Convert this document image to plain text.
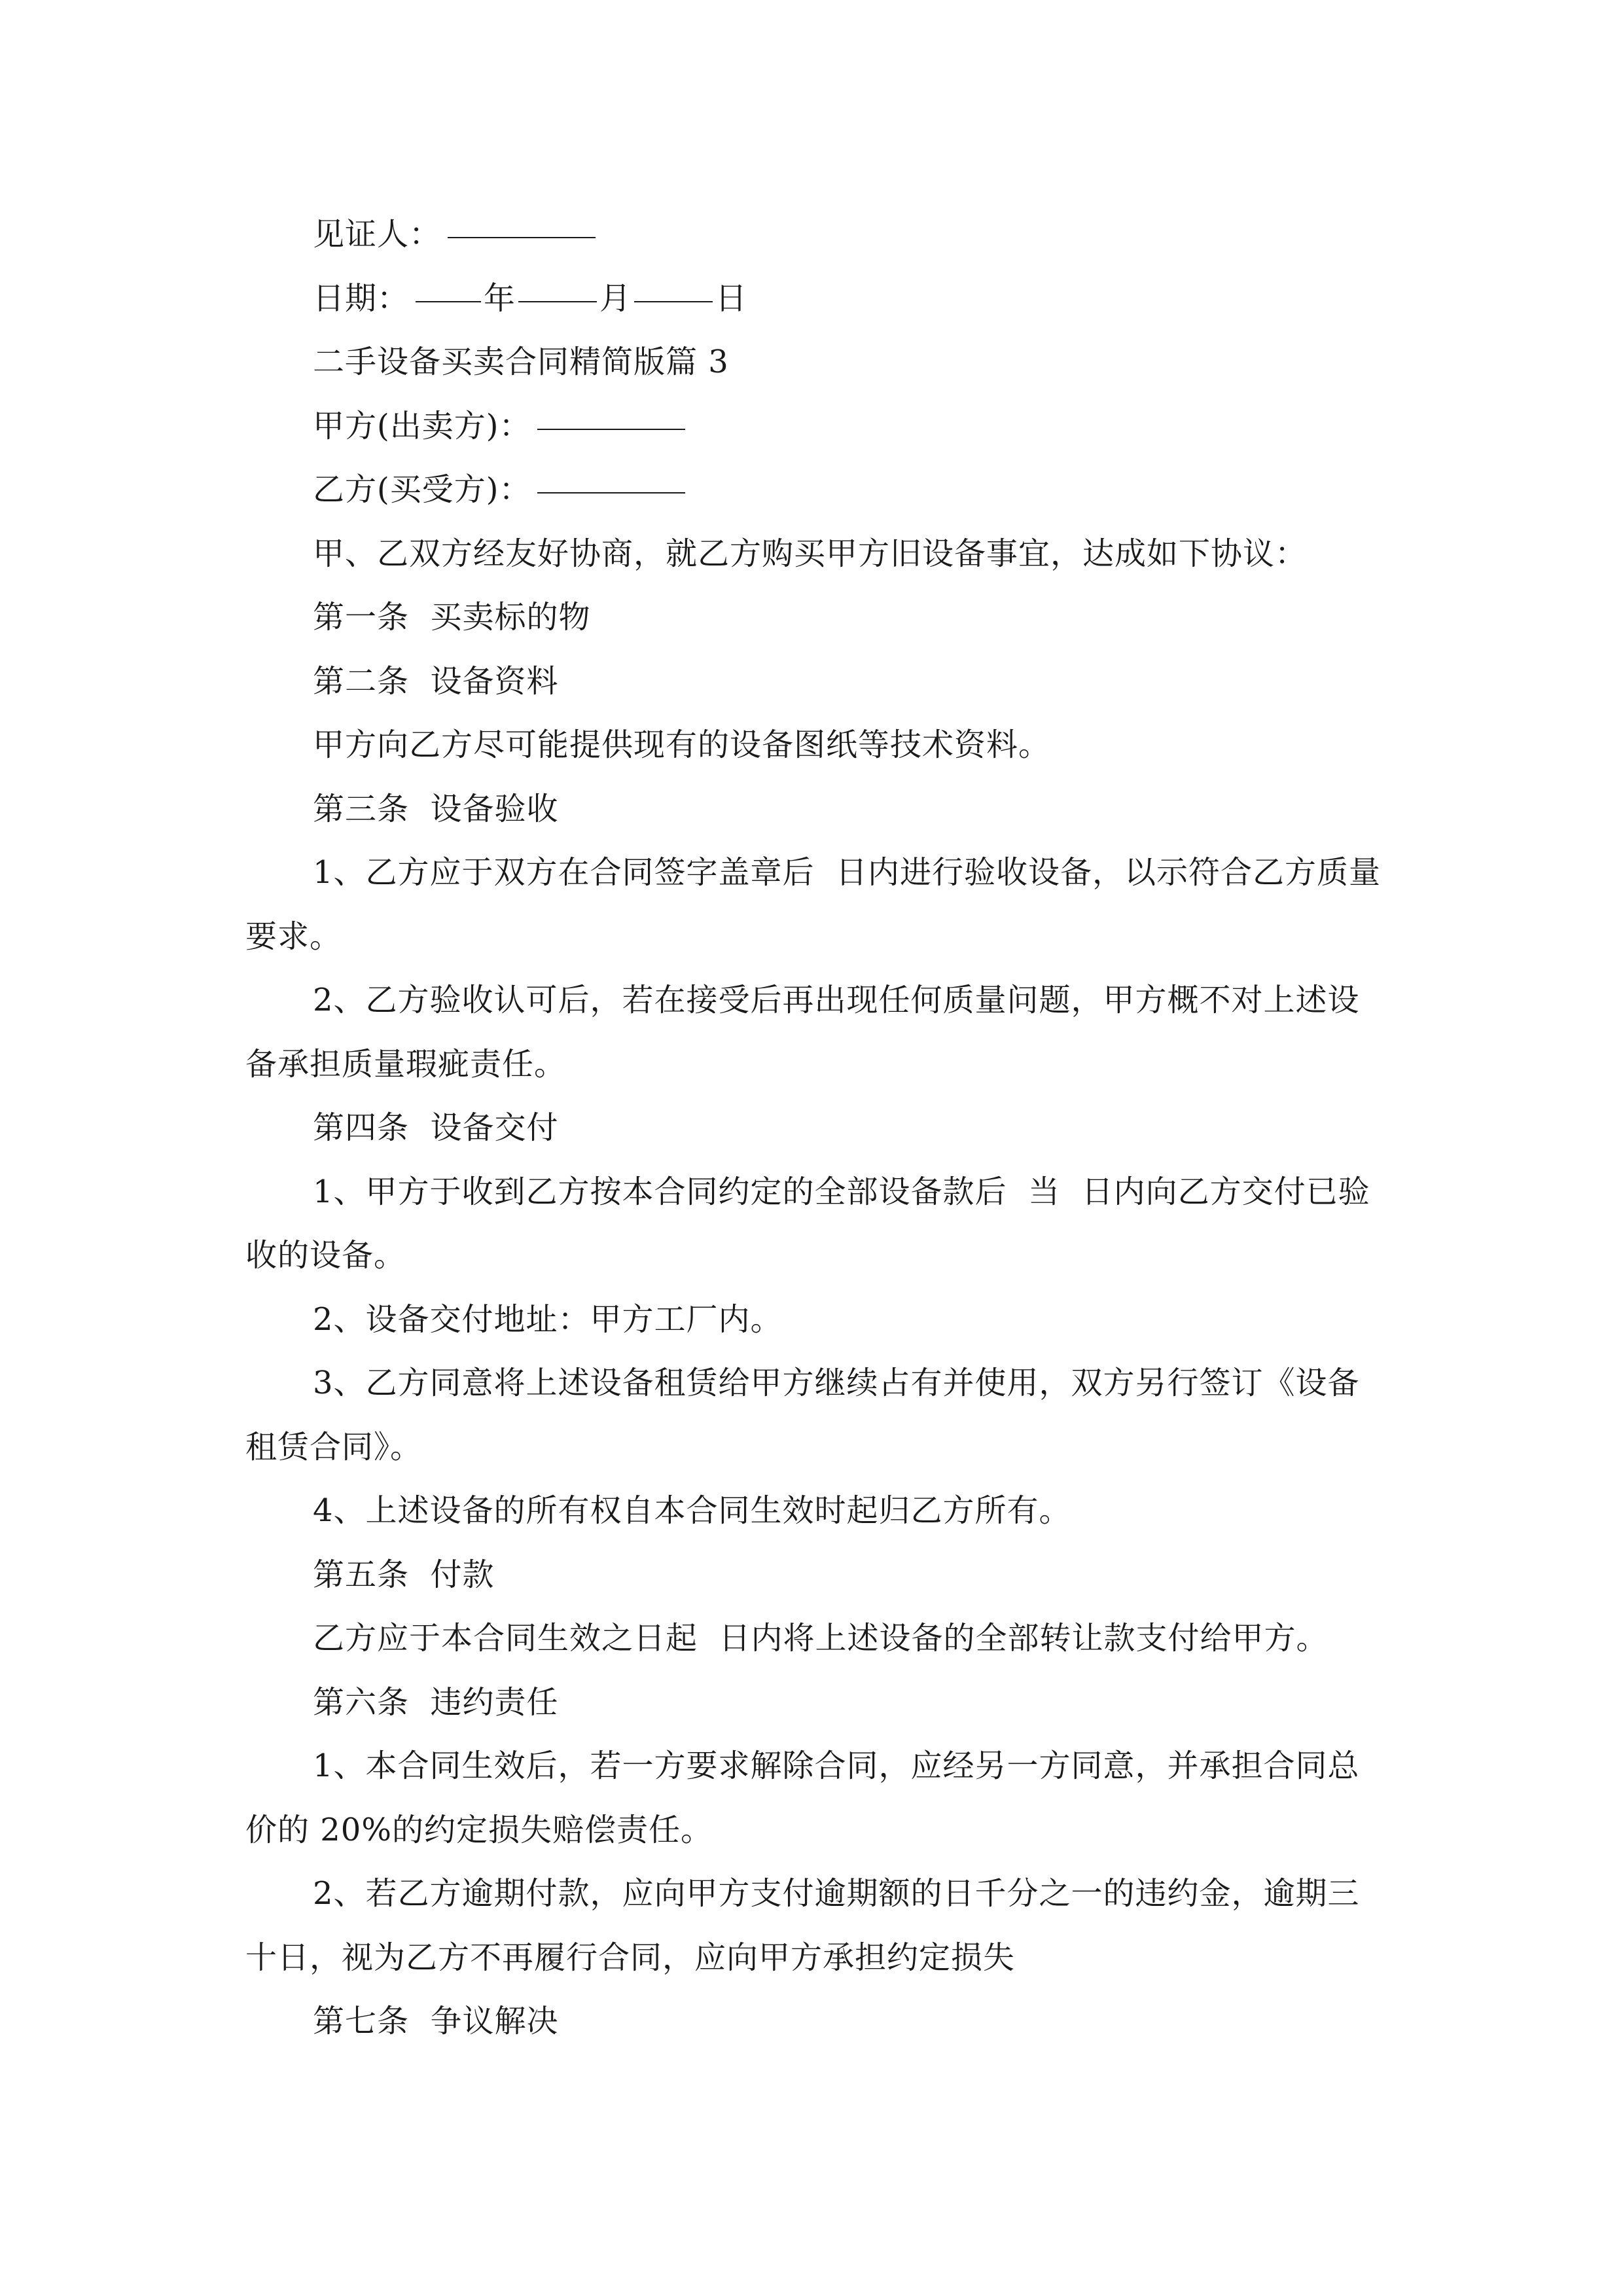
见证人：
日期： 年	月	日
二手设备买卖合同精简版篇 3
甲方(出卖方)：
乙方(买受方)：
甲、乙双方经友好协商，就乙方购买甲方旧设备事宜，达成如下协议：
第一条  买卖标的物
第二条  设备资料
甲方向乙方尽可能提供现有的设备图纸等技术资料。
第三条  设备验收
1、乙方应于双方在合同签字盖章后  日内进行验收设备，以示符合乙方质量
要求。
2、乙方验收认可后，若在接受后再出现任何质量问题，甲方概不对上述设
备承担质量瑕疵责任。
第四条  设备交付
1、甲方于收到乙方按本合同约定的全部设备款后  当  日内向乙方交付已验
收的设备。
2、设备交付地址：甲方工厂内。
3、乙方同意将上述设备租赁给甲方继续占有并使用，双方另行签订《设备
租赁合同》。
4、上述设备的所有权自本合同生效时起归乙方所有。
第五条  付款
乙方应于本合同生效之日起  日内将上述设备的全部转让款支付给甲方。
第六条  违约责任
1、本合同生效后，若一方要求解除合同，应经另一方同意，并承担合同总
价的 20%的约定损失赔偿责任。
2、若乙方逾期付款，应向甲方支付逾期额的日千分之一的违约金，逾期三
十日，视为乙方不再履行合同，应向甲方承担约定损失
第七条  争议解决
